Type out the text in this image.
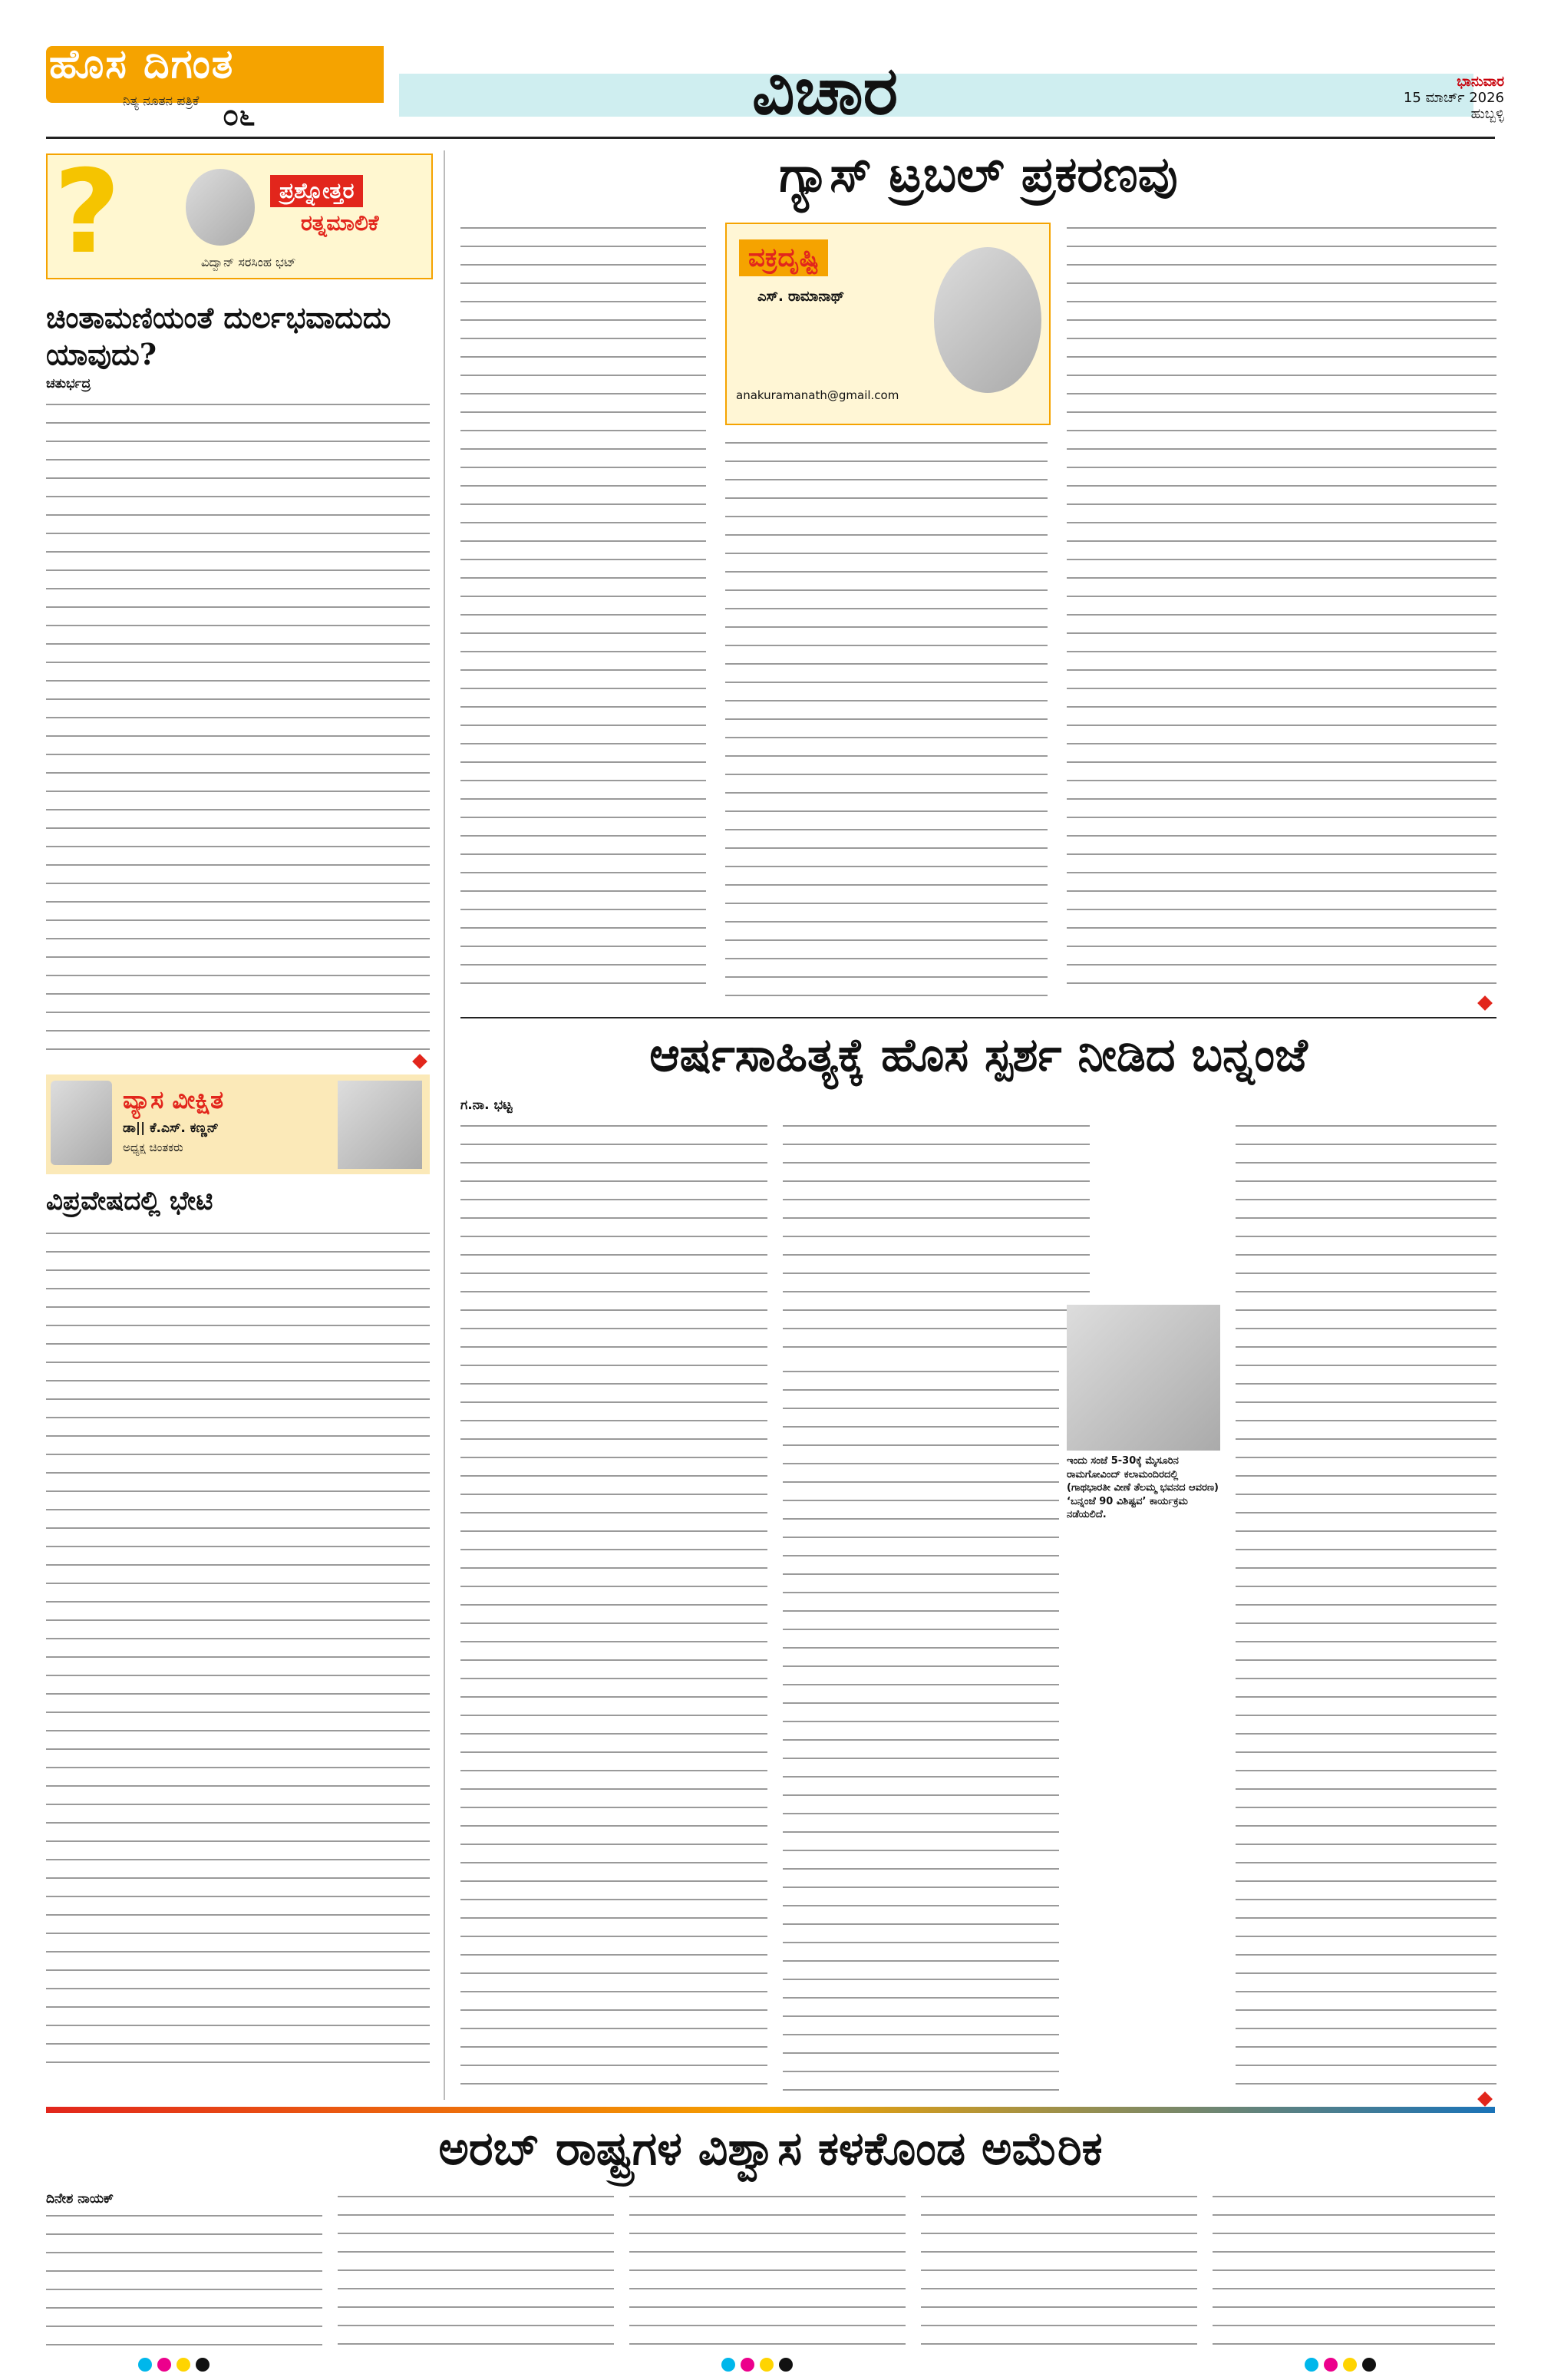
ಹೊಸ ದಿಗಂತ
ನಿತ್ಯ ನೂತನ ಪತ್ರಿಕೆ ೦೬	ವಿಚಾರ	ಭಾನುವಾರ
15 ಮಾರ್ಚ್ 2026
ಹುಬ್ಬಳ್ಳಿ
?	ಪ್ರಶ್ನೋತ್ತರ
ರತ್ನಮಾಲಿಕೆ
ವಿದ್ವಾನ್ ಸರಸಿಂಹ ಭಟ್
ಚಿಂತಾಮಣಿಯಂತೆ ದುರ್ಲಭವಾದುದು ಯಾವುದು?
ಚತುರ್ಭದ್ರ
ವ್ಯಾಸ ವೀಕ್ಷಿತ
ಡಾ|| ಕೆ.ಎಸ್. ಕಣ್ಣನ್
ಅಧ್ಯಕ್ಷ ಚಿಂತಕರು
ವಿಪ್ರವೇಷದಲ್ಲಿ ಭೇಟಿ
ಗ್ಯಾಸ್ ಟ್ರಬಲ್ ಪ್ರಕರಣವು
ವಕ್ರದೃಷ್ಟಿ
ಎಸ್. ರಾಮಾನಾಥ್
anakuramanath@gmail.com
ಆರ್ಷಸಾಹಿತ್ಯಕ್ಕೆ ಹೊಸ ಸ್ಪರ್ಶ ನೀಡಿದ ಬನ್ನಂಜೆ
ಗ.ನಾ. ಭಟ್ಟ
ಇಂದು ಸಂಜೆ 5-30ಕ್ಕೆ ಮೈಸೂರಿನ ರಾಮಗೋವಿಂದ್ ಕಲಾಮಂದಿರದಲ್ಲಿ (ಗಾಥಭಾರತೀ ವೀಣೆ ತೆಲಮ್ಮ ಭವನದ ಆವರಣ) ‘ಬನ್ನಂಜೆ 90 ವಿಶಿಷ್ಟವ’ ಕಾರ್ಯಕ್ರಮ ನಡೆಯಲಿದೆ.
ಅರಬ್ ರಾಷ್ಟ್ರಗಳ ವಿಶ್ವಾಸ ಕಳಕೊಂಡ ಅಮೆರಿಕ
ದಿನೇಶ ನಾಯಕ್
